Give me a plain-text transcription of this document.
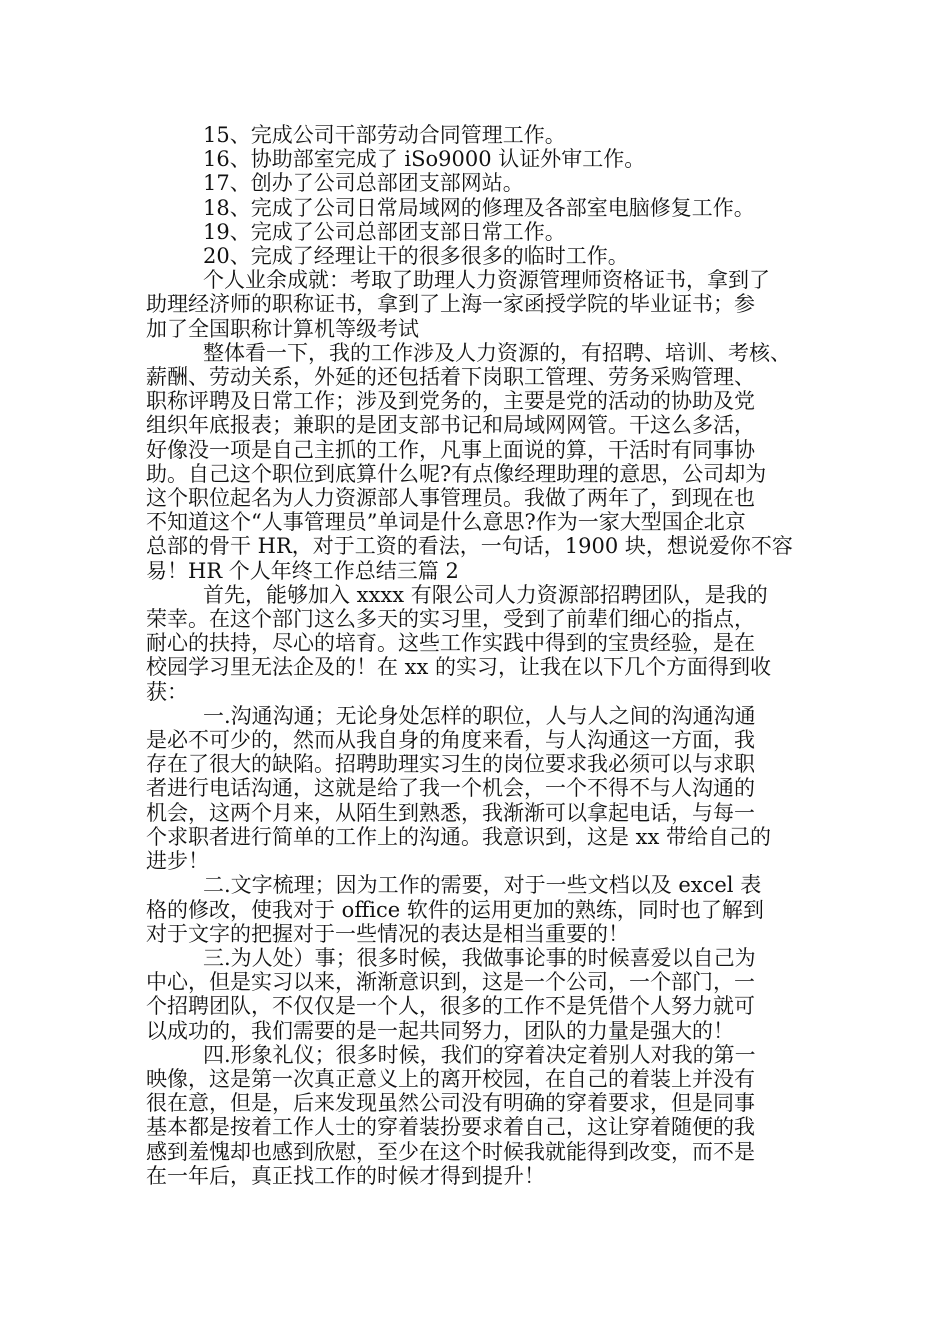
15、完成公司干部劳动合同管理工作。

16、协助部室完成了 iSo9000 认证外审工作。

17、创办了公司总部团支部网站。

18、完成了公司日常局域网的修理及各部室电脑修复工作。

19、完成了公司总部团支部日常工作。

20、完成了经理让干的很多很多的临时工作。

个人业余成就：考取了助理人力资源管理师资格证书，拿到了

助理经济师的职称证书，拿到了上海一家函授学院的毕业证书；参

加了全国职称计算机等级考试

整体看一下，我的工作涉及人力资源的，有招聘、培训、考核、

薪酬、劳动关系，外延的还包括着下岗职工管理、劳务采购管理、

职称评聘及日常工作；涉及到党务的，主要是党的活动的协助及党

组织年底报表；兼职的是团支部书记和局域网网管。干这么多活，

好像没一项是自己主抓的工作，凡事上面说的算，干活时有同事协

助。自己这个职位到底算什么呢?有点像经理助理的意思，公司却为

这个职位起名为人力资源部人事管理员。我做了两年了，到现在也

不知道这个“人事管理员”单词是什么意思?作为一家大型国企北京

总部的骨干 HR，对于工资的看法，一句话，1900 块，想说爱你不容

易！HR 个人年终工作总结三篇 2

首先，能够加入 xxxx 有限公司人力资源部招聘团队，是我的

荣幸。在这个部门这么多天的实习里，受到了前辈们细心的指点，

耐心的扶持，尽心的培育。这些工作实践中得到的宝贵经验，是在

校园学习里无法企及的！在 xx 的实习，让我在以下几个方面得到收

获：

一.沟通沟通；无论身处怎样的职位，人与人之间的沟通沟通

是必不可少的，然而从我自身的角度来看，与人沟通这一方面，我

存在了很大的缺陷。招聘助理实习生的岗位要求我必须可以与求职

者进行电话沟通，这就是给了我一个机会，一个不得不与人沟通的

机会，这两个月来，从陌生到熟悉，我渐渐可以拿起电话，与每一

个求职者进行简单的工作上的沟通。我意识到，这是 xx 带给自己的

进步！

二.文字梳理；因为工作的需要，对于一些文档以及 excel 表

格的修改，使我对于 office 软件的运用更加的熟练，同时也了解到

对于文字的把握对于一些情况的表达是相当重要的！

三.为人处）事；很多时候，我做事论事的时候喜爱以自己为

中心，但是实习以来，渐渐意识到，这是一个公司，一个部门，一

个招聘团队，不仅仅是一个人，很多的工作不是凭借个人努力就可

以成功的，我们需要的是一起共同努力，团队的力量是强大的！

四.形象礼仪；很多时候，我们的穿着决定着别人对我的第一

映像，这是第一次真正意义上的离开校园，在自己的着装上并没有

很在意，但是，后来发现虽然公司没有明确的穿着要求，但是同事

基本都是按着工作人士的穿着装扮要求着自己，这让穿着随便的我

感到羞愧却也感到欣慰，至少在这个时候我就能得到改变，而不是

在一年后，真正找工作的时候才得到提升！
